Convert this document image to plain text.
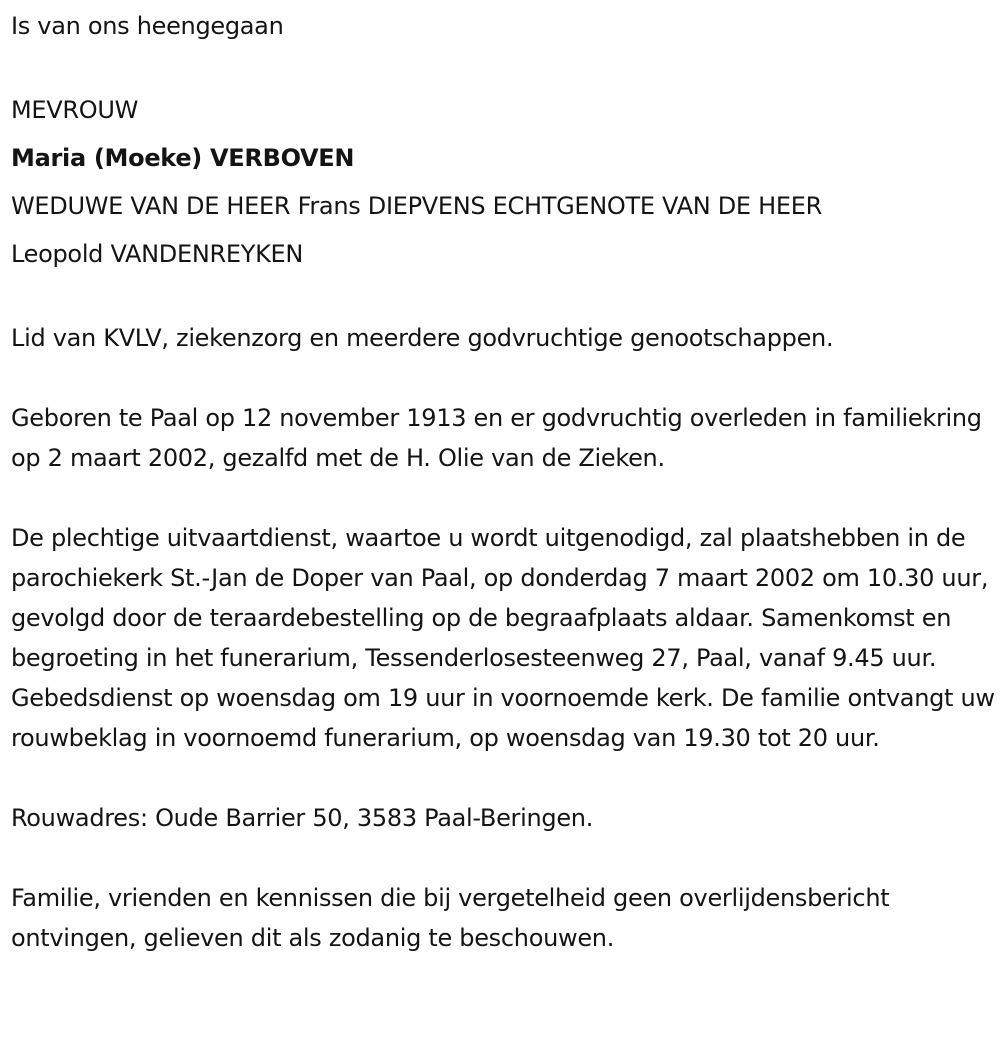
Is van ons heengegaan

MEVROUW

Maria (Moeke) VERBOVEN

WEDUWE VAN DE HEER Frans DIEPVENS ECHTGENOTE VAN DE HEER

Leopold VANDENREYKEN

Lid van KVLV, ziekenzorg en meerdere godvruchtige genootschappen.

Geboren te Paal op 12 november 1913 en er godvruchtig overleden in familiekring op 2 maart 2002, gezalfd met de H. Olie van de Zieken.

De plechtige uitvaartdienst, waartoe u wordt uitgenodigd, zal plaatshebben in de parochiekerk St.-Jan de Doper van Paal, op donderdag 7 maart 2002 om 10.30 uur, gevolgd door de teraardebestelling op de begraafplaats aldaar. Samenkomst en begroeting in het funerarium, Tessenderlosesteenweg 27, Paal, vanaf 9.45 uur. Gebedsdienst op woensdag om 19 uur in voornoemde kerk. De familie ontvangt uw rouwbeklag in voornoemd funerarium, op woensdag van 19.30 tot 20 uur.

Rouwadres: Oude Barrier 50, 3583 Paal-Beringen.

Familie, vrienden en kennissen die bij vergetelheid geen overlijdensbericht ontvingen, gelieven dit als zodanig te beschouwen.
